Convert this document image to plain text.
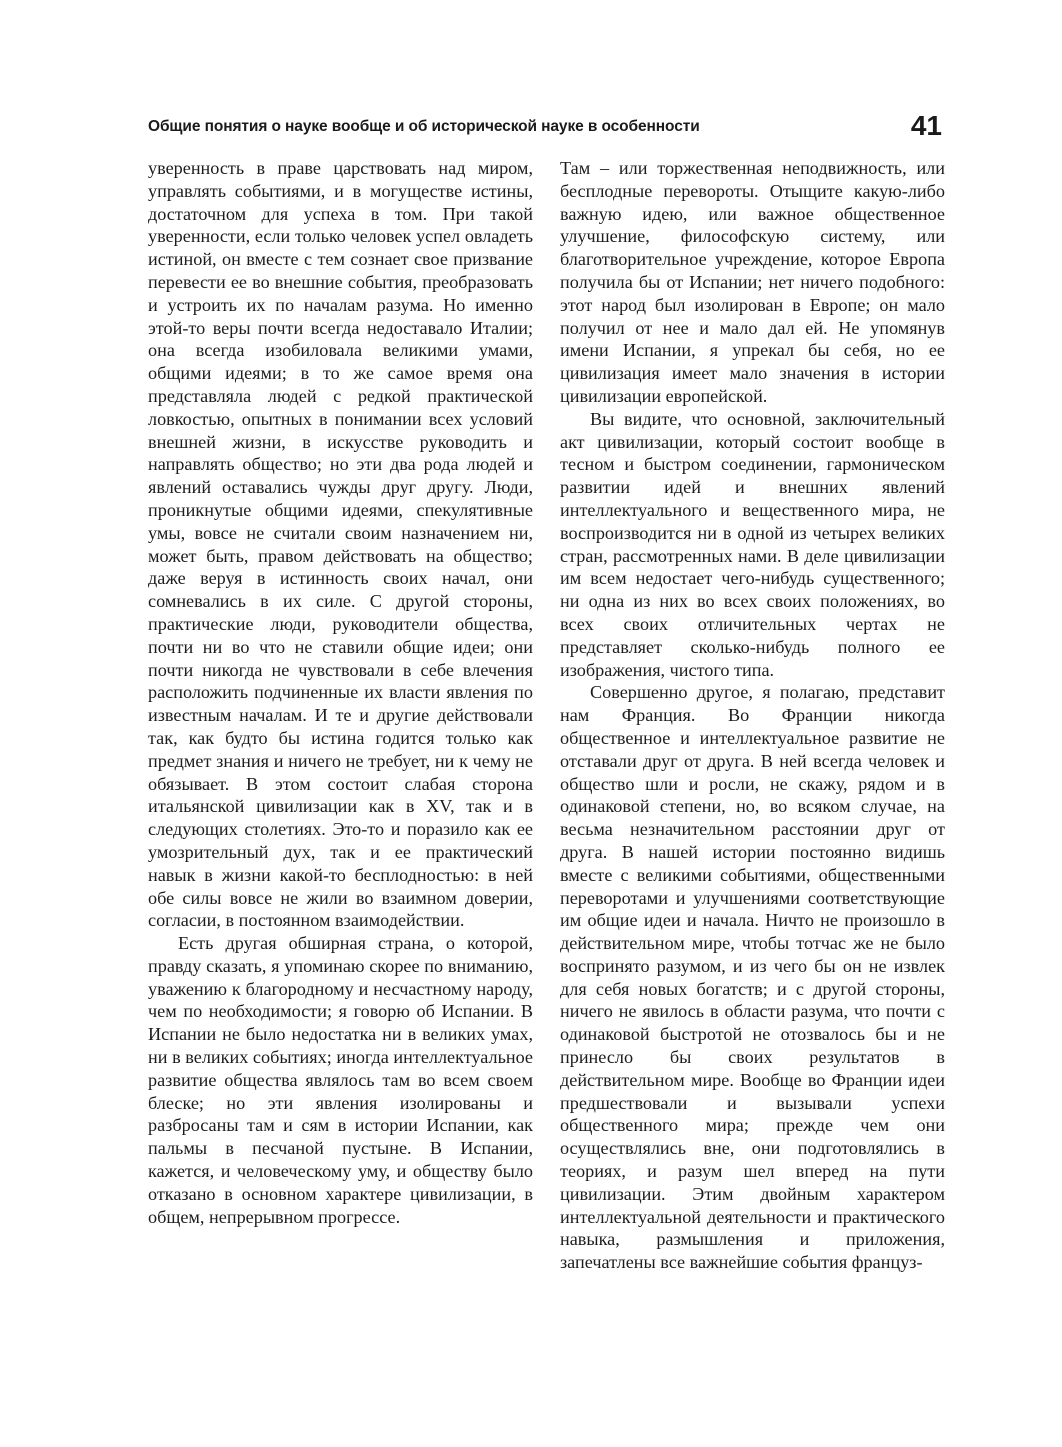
Общие понятия о науке вообще и об исторической науке в особенности	41

уверенность в праве царствовать над миром, управлять событиями, и в могуществе истины, достаточном для успеха в том. При такой уверенности, если только человек успел овладеть истиной, он вместе с тем сознает свое призвание перевести ее во внешние события, преобразовать и устроить их по началам разума. Но именно этой-то веры почти всегда недоставало Италии; она всегда изобиловала великими умами, общими идеями; в то же самое время она представляла людей с редкой практической ловкостью, опытных в понимании всех условий внешней жизни, в искусстве руководить и направлять общество; но эти два рода людей и явлений оставались чужды друг другу. Люди, проникнутые общими идеями, спекулятивные умы, вовсе не считали своим назначением ни, может быть, правом действовать на общество; даже веруя в истинность своих начал, они сомневались в их силе. С другой стороны, практические люди, руководители общества, почти ни во что не ставили общие идеи; они почти никогда не чувствовали в себе влечения расположить подчиненные их власти явления по известным началам. И те и другие действовали так, как будто бы истина годится только как предмет знания и ничего не требует, ни к чему не обязывает. В этом состоит слабая сторона итальянской цивилизации как в XV, так и в следующих столетиях. Это-то и поразило как ее умозрительный дух, так и ее практический навык в жизни какой-то бесплодностью: в ней обе силы вовсе не жили во взаимном доверии, согласии, в постоянном взаимодействии.

Есть другая обширная страна, о которой, правду сказать, я упоминаю скорее по вниманию, уважению к благородному и несчастному народу, чем по необходимости; я говорю об Испании. В Испании не было недостатка ни в великих умах, ни в великих событиях; иногда интеллектуальное развитие общества являлось там во всем своем блеске; но эти явления изолированы и разбросаны там и сям в истории Испании, как пальмы в песчаной пустыне. В Испании, кажется, и человеческому уму, и обществу было отказано в основном характере цивилизации, в общем, непрерывном прогрессе.

Там – или торжественная неподвижность, или бесплодные перевороты. Отыщите какую-либо важную идею, или важное общественное улучшение, философскую систему, или благотворительное учреждение, которое Европа получила бы от Испании; нет ничего подобного: этот народ был изолирован в Европе; он мало получил от нее и мало дал ей. Не упомянув имени Испании, я упрекал бы себя, но ее цивилизация имеет мало значения в истории цивилизации европейской.

Вы видите, что основной, заключительный акт цивилизации, который состоит вообще в тесном и быстром соединении, гармоническом развитии идей и внешних явлений интеллектуального и вещественного мира, не воспроизводится ни в одной из четырех великих стран, рассмотренных нами. В деле цивилизации им всем недостает чего-нибудь существенного; ни одна из них во всех своих положениях, во всех своих отличительных чертах не представляет сколько-нибудь полного ее изображения, чистого типа.

Совершенно другое, я полагаю, представит нам Франция. Во Франции никогда общественное и интеллектуальное развитие не отставали друг от друга. В ней всегда человек и общество шли и росли, не скажу, рядом и в одинаковой степени, но, во всяком случае, на весьма незначительном расстоянии друг от друга. В нашей истории постоянно видишь вместе с великими событиями, общественными переворотами и улучшениями соответствующие им общие идеи и начала. Ничто не произошло в действительном мире, чтобы тотчас же не было воспринято разумом, и из чего бы он не извлек для себя новых богатств; и с другой стороны, ничего не явилось в области разума, что почти с одинаковой быстротой не отозвалось бы и не принесло бы своих результатов в действительном мире. Вообще во Франции идеи предшествовали и вызывали успехи общественного мира; прежде чем они осуществлялись вне, они подготовлялись в теориях, и разум шел вперед на пути цивилизации. Этим двойным характером интеллектуальной деятельности и практического навыка, размышления и приложения, запечатлены все важнейшие события француз-
